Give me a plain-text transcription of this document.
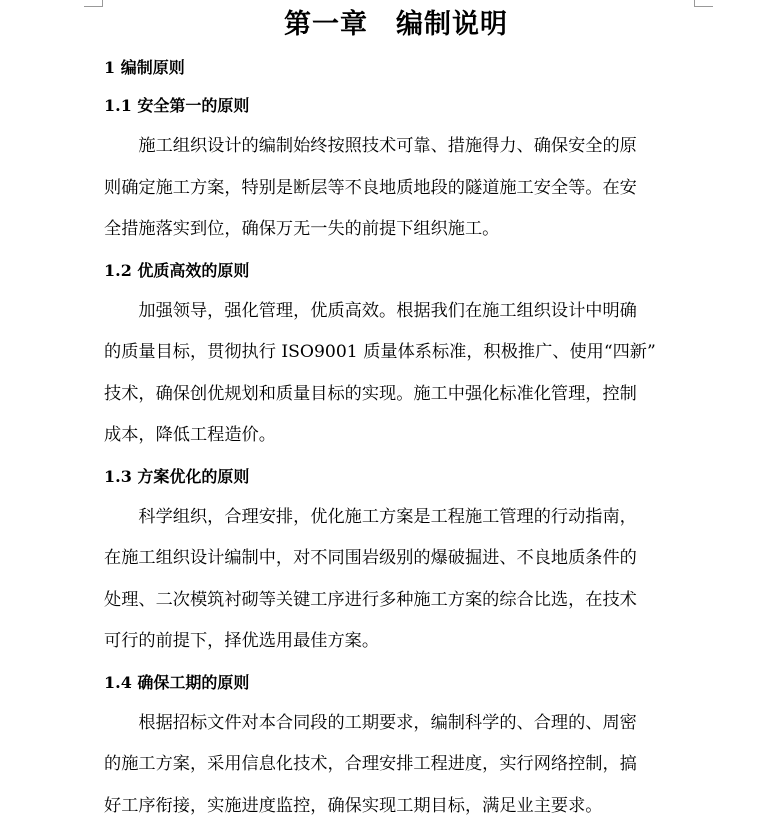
第一章 编制说明
1 编制原则
1.1 安全第一的原则

施工组织设计的编制始终按照技术可靠、措施得力、确保安全的原
则确定施工方案，特别是断层等不良地质地段的隧道施工安全等。在安
全措施落实到位，确保万无一失的前提下组织施工。

1.2 优质高效的原则

加强领导，强化管理，优质高效。根据我们在施工组织设计中明确
的质量目标，贯彻执行 ISO9001 质量体系标准，积极推广、使用“四新”
技术，确保创优规划和质量目标的实现。施工中强化标准化管理，控制
成本，降低工程造价。

1.3 方案优化的原则

科学组织，合理安排，优化施工方案是工程施工管理的行动指南，
在施工组织设计编制中，对不同围岩级别的爆破掘进、不良地质条件的
处理、二次模筑衬砌等关键工序进行多种施工方案的综合比选，在技术
可行的前提下，择优选用最佳方案。

1.4 确保工期的原则

根据招标文件对本合同段的工期要求，编制科学的、合理的、周密
的施工方案，采用信息化技术，合理安排工程进度，实行网络控制，搞
好工序衔接，实施进度监控，确保实现工期目标，满足业主要求。
